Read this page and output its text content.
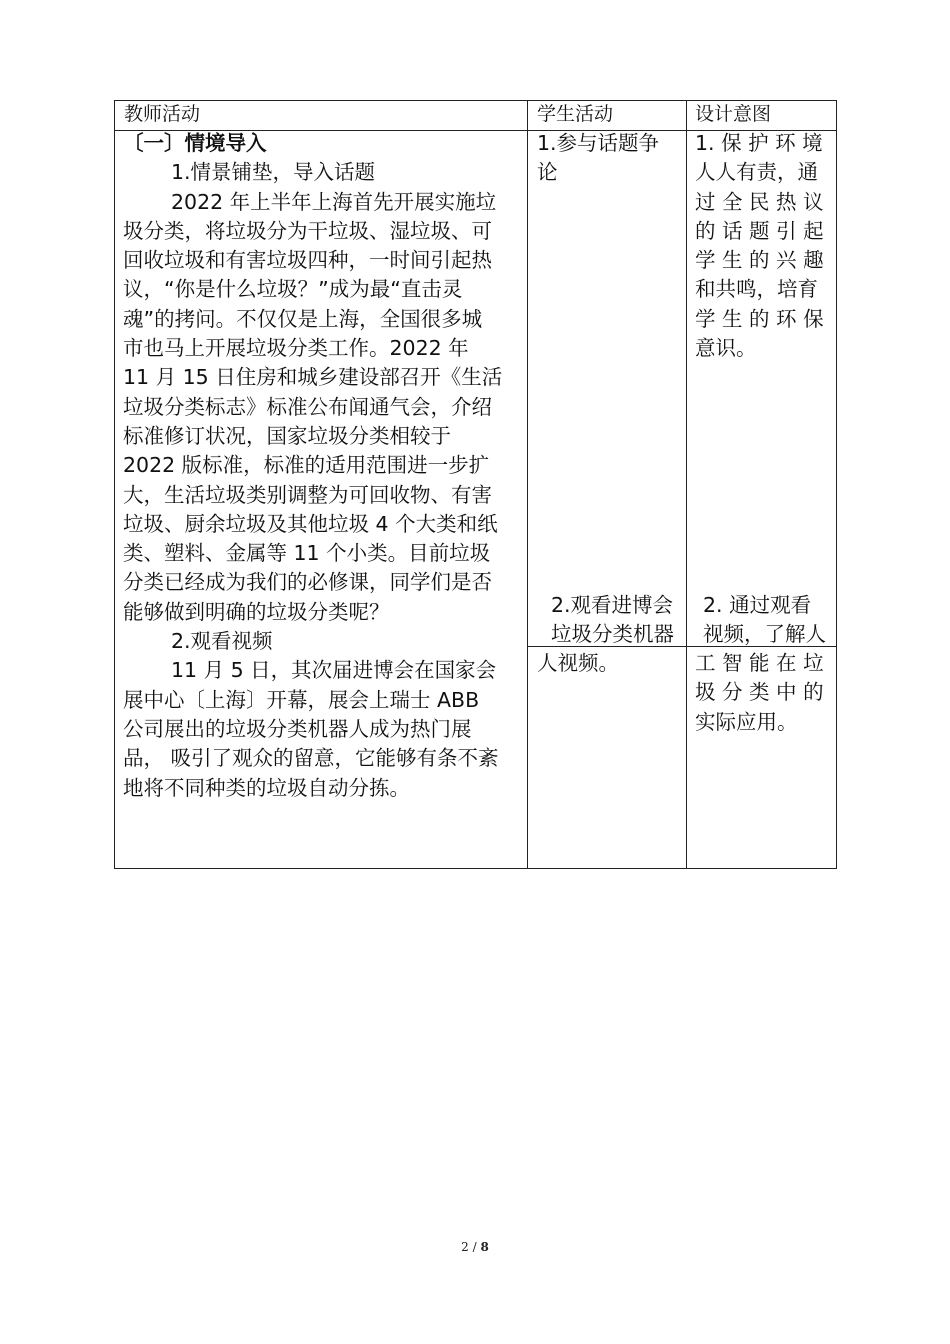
教师活动	学生活动	设计意图
〔一〕情境导入
1.情景铺垫，导入话题
2022 年上半年上海首先开展实施垃
圾分类，将垃圾分为干垃圾、湿垃圾、可
回收垃圾和有害垃圾四种，一时间引起热
议，“你是什么垃圾？”成为最“直击灵
魂”的拷问。不仅仅是上海，全国很多城
市也马上开展垃圾分类工作。2022 年
11 月 15 日住房和城乡建设部召开《生活
垃圾分类标志》标准公布闻通气会，介绍
标准修订状况，国家垃圾分类相较于
2022 版标准，标准的适用范围进一步扩
大，生活垃圾类别调整为可回收物、有害
垃圾、厨余垃圾及其他垃圾 4 个大类和纸
类、塑料、金属等 11 个小类。目前垃圾
分类已经成为我们的必修课，同学们是否
能够做到明确的垃圾分类呢？
2.观看视频
11 月 5 日，其次届进博会在国家会
展中心〔上海〕开幕，展会上瑞士 ABB
公司展出的垃圾分类机器人成为热门展
品， 吸引了观众的留意，它能够有条不紊
地将不同种类的垃圾自动分拣。
1.参与话题争
论
2.观看进博会
垃圾分类机器
人视频。
1. 保 护 环 境
人人有责，通
过 全 民 热 议
的 话 题 引 起
学 生 的 兴 趣
和共鸣，培育
学 生 的 环 保
意识。
2. 通过观看
视频，了解人
工 智 能 在 垃
圾 分 类 中 的
实际应用。
2 / 8
